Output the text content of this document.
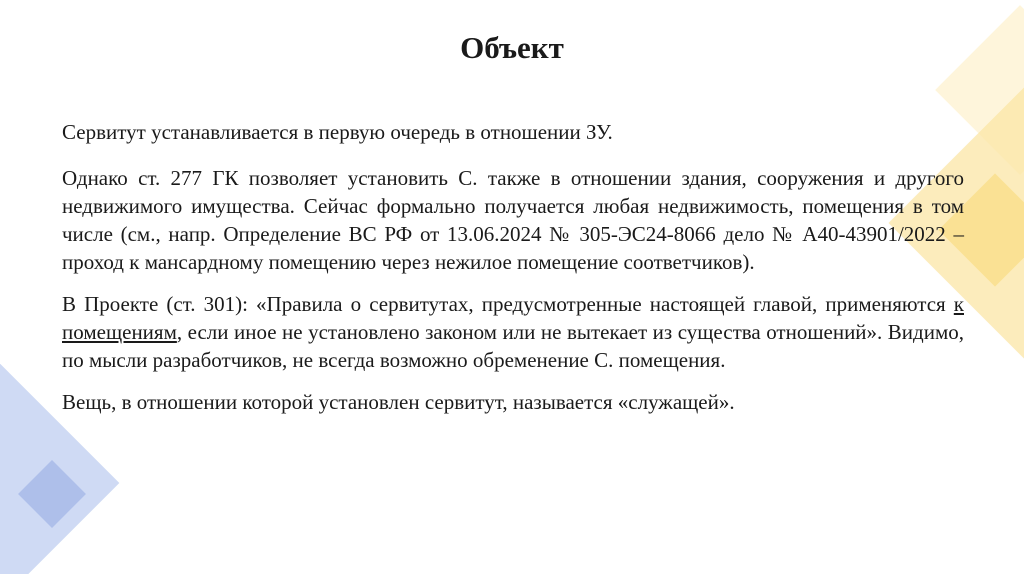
Объект

Сервитут устанавливается в первую очередь в отношении ЗУ.

Однако ст. 277 ГК позволяет установить С. также в отношении здания, сооружения и другого недвижимого имущества. Сейчас формально получается любая недвижимость, помещения в том числе (см., напр. Определение ВС РФ от 13.06.2024 № 305-ЭС24-8066 дело № А40-43901/2022 – проход к мансардному помещению через нежилое помещение соответчиков).

В Проекте (ст. 301): «Правила о сервитутах, предусмотренные настоящей главой, применяются к помещениям, если иное не установлено законом или не вытекает из существа отношений». Видимо, по мысли разработчиков, не всегда возможно обременение С. помещения.

Вещь, в отношении которой установлен сервитут, называется «служащей».
